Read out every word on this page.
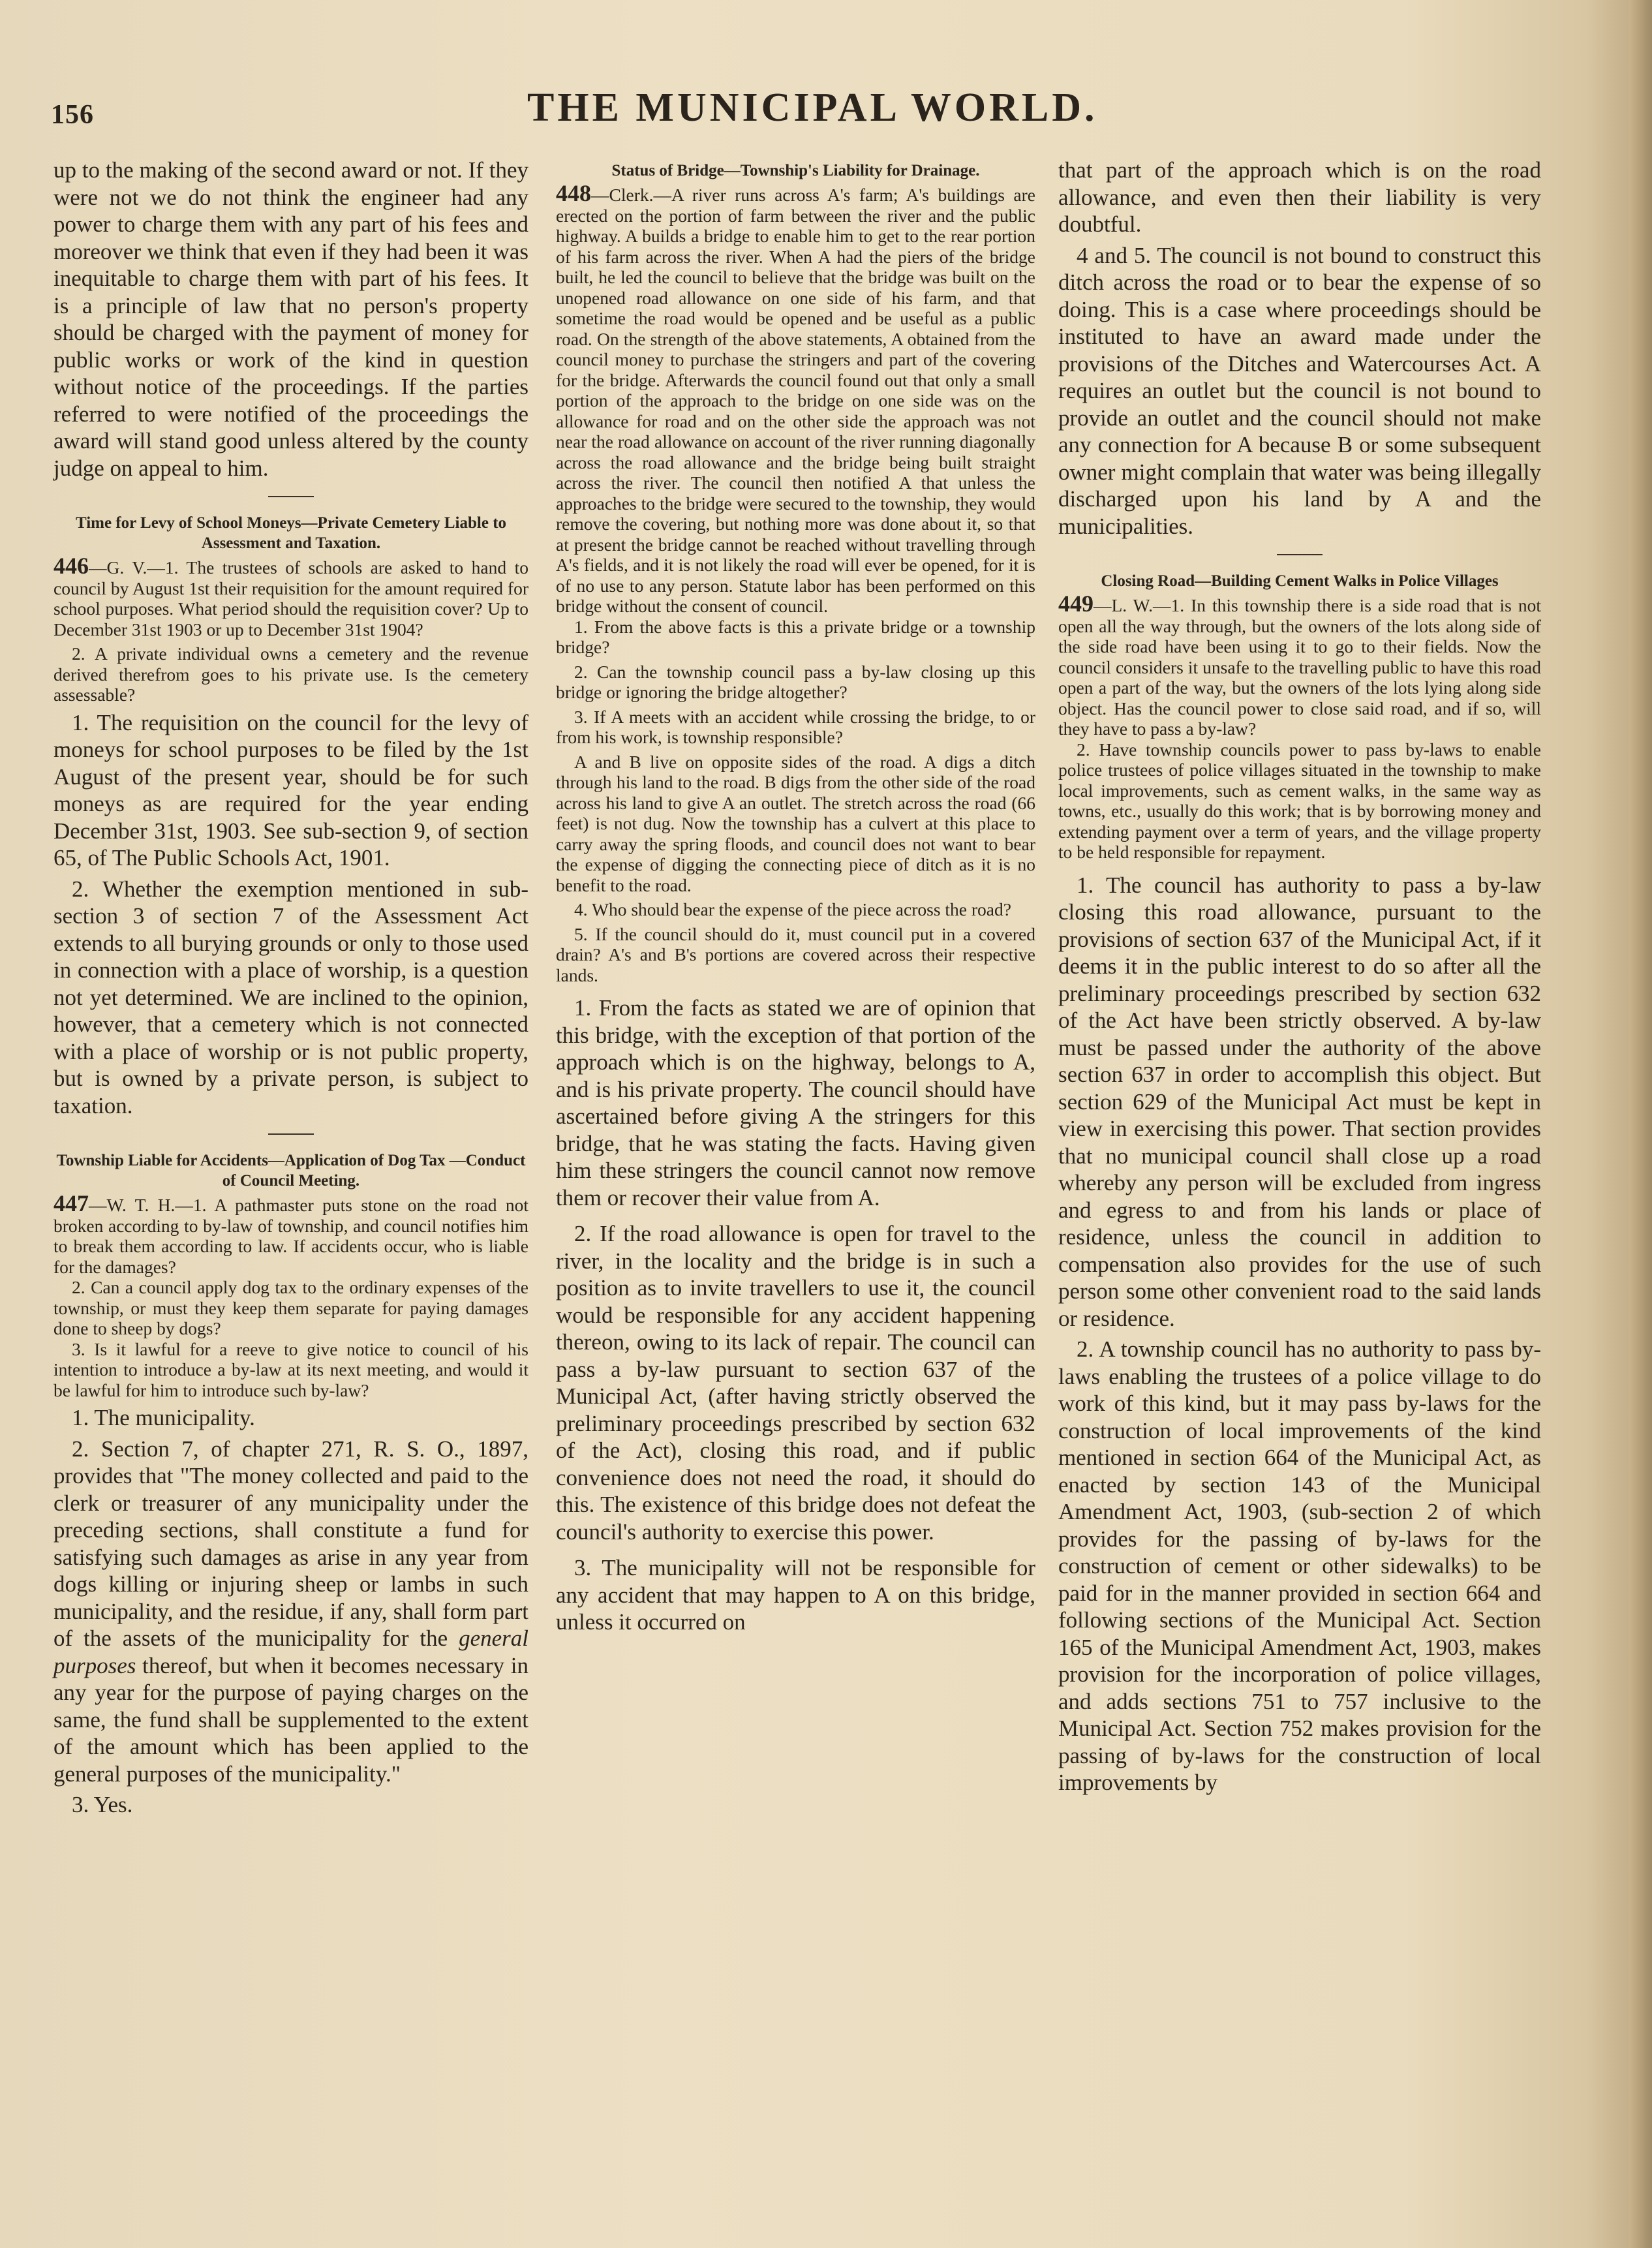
156	THE MUNICIPAL WORLD.

up to the making of the second award or not. If they were not we do not think the engineer had any power to charge them with any part of his fees and moreover we think that even if they had been it was inequitable to charge them with part of his fees. It is a principle of law that no person's property should be charged with the payment of money for public works or work of the kind in question without notice of the proceedings. If the parties referred to were notified of the proceedings the award will stand good unless altered by the county judge on appeal to him.

Time for Levy of School Moneys—Private Cemetery Liable to Assessment and Taxation.

446—G. V.—1. The trustees of schools are asked to hand to council by August 1st their requisition for the amount required for school purposes. What period should the requisition cover? Up to December 31st 1903 or up to December 31st 1904?

2. A private individual owns a cemetery and the revenue derived therefrom goes to his private use. Is the cemetery assessable?

1. The requisition on the council for the levy of moneys for school purposes to be filed by the 1st August of the present year, should be for such moneys as are required for the year ending December 31st, 1903. See sub-section 9, of section 65, of The Public Schools Act, 1901.

2. Whether the exemption mentioned in sub-section 3 of section 7 of the Assessment Act extends to all burying grounds or only to those used in connection with a place of worship, is a question not yet determined. We are inclined to the opinion, however, that a cemetery which is not connected with a place of worship or is not public property, but is owned by a private person, is subject to taxation.

Township Liable for Accidents—Application of Dog Tax —Conduct of Council Meeting.

447—W. T. H.—1. A pathmaster puts stone on the road not broken according to by-law of township, and council notifies him to break them according to law. If accidents occur, who is liable for the damages?

2. Can a council apply dog tax to the ordinary expenses of the township, or must they keep them separate for paying damages done to sheep by dogs?

3. Is it lawful for a reeve to give notice to council of his intention to introduce a by-law at its next meeting, and would it be lawful for him to introduce such by-law?

1. The municipality.

2. Section 7, of chapter 271, R. S. O., 1897, provides that "The money collected and paid to the clerk or treasurer of any municipality under the preceding sections, shall constitute a fund for satisfying such damages as arise in any year from dogs killing or injuring sheep or lambs in such municipality, and the residue, if any, shall form part of the assets of the municipality for the general purposes thereof, but when it becomes necessary in any year for the purpose of paying charges on the same, the fund shall be supplemented to the extent of the amount which has been applied to the general purposes of the municipality."

3. Yes.

Status of Bridge—Township's Liability for Drainage.

448—Clerk.—A river runs across A's farm; A's buildings are erected on the portion of farm between the river and the public highway. A builds a bridge to enable him to get to the rear portion of his farm across the river. When A had the piers of the bridge built, he led the council to believe that the bridge was built on the unopened road allowance on one side of his farm, and that sometime the road would be opened and be useful as a public road. On the strength of the above statements, A obtained from the council money to purchase the stringers and part of the covering for the bridge. Afterwards the council found out that only a small portion of the approach to the bridge on one side was on the allowance for road and on the other side the approach was not near the road allowance on account of the river running diagonally across the road allowance and the bridge being built straight across the river. The council then notified A that unless the approaches to the bridge were secured to the township, they would remove the covering, but nothing more was done about it, so that at present the bridge cannot be reached without travelling through A's fields, and it is not likely the road will ever be opened, for it is of no use to any person. Statute labor has been performed on this bridge without the consent of council.

1. From the above facts is this a private bridge or a township bridge?

2. Can the township council pass a by-law closing up this bridge or ignoring the bridge altogether?

3. If A meets with an accident while crossing the bridge, to or from his work, is township responsible?

A and B live on opposite sides of the road. A digs a ditch through his land to the road. B digs from the other side of the road across his land to give A an outlet. The stretch across the road (66 feet) is not dug. Now the township has a culvert at this place to carry away the spring floods, and council does not want to bear the expense of digging the connecting piece of ditch as it is no benefit to the road.

4. Who should bear the expense of the piece across the road?

5. If the council should do it, must council put in a covered drain? A's and B's portions are covered across their respective lands.

1. From the facts as stated we are of opinion that this bridge, with the exception of that portion of the approach which is on the highway, belongs to A, and is his private property. The council should have ascertained before giving A the stringers for this bridge, that he was stating the facts. Having given him these stringers the council cannot now remove them or recover their value from A.

2. If the road allowance is open for travel to the river, in the locality and the bridge is in such a position as to invite travellers to use it, the council would be responsible for any accident happening thereon, owing to its lack of repair. The council can pass a by-law pursuant to section 637 of the Municipal Act, (after having strictly observed the preliminary proceedings prescribed by section 632 of the Act), closing this road, and if public convenience does not need the road, it should do this. The existence of this bridge does not defeat the council's authority to exercise this power.

3. The municipality will not be responsible for any accident that may happen to A on this bridge, unless it occurred on

that part of the approach which is on the road allowance, and even then their liability is very doubtful.

4 and 5. The council is not bound to construct this ditch across the road or to bear the expense of so doing. This is a case where proceedings should be instituted to have an award made under the provisions of the Ditches and Watercourses Act. A requires an outlet but the council is not bound to provide an outlet and the council should not make any connection for A because B or some subsequent owner might complain that water was being illegally discharged upon his land by A and the municipalities.

Closing Road—Building Cement Walks in Police Villages

449—L. W.—1. In this township there is a side road that is not open all the way through, but the owners of the lots along side of the side road have been using it to go to their fields. Now the council considers it unsafe to the travelling public to have this road open a part of the way, but the owners of the lots lying along side object. Has the council power to close said road, and if so, will they have to pass a by-law?

2. Have township councils power to pass by-laws to enable police trustees of police villages situated in the township to make local improvements, such as cement walks, in the same way as towns, etc., usually do this work; that is by borrowing money and extending payment over a term of years, and the village property to be held responsible for repayment.

1. The council has authority to pass a by-law closing this road allowance, pursuant to the provisions of section 637 of the Municipal Act, if it deems it in the public interest to do so after all the preliminary proceedings prescribed by section 632 of the Act have been strictly observed. A by-law must be passed under the authority of the above section 637 in order to accomplish this object. But section 629 of the Municipal Act must be kept in view in exercising this power. That section provides that no municipal council shall close up a road whereby any person will be excluded from ingress and egress to and from his lands or place of residence, unless the council in addition to compensation also provides for the use of such person some other convenient road to the said lands or residence.

2. A township council has no authority to pass by-laws enabling the trustees of a police village to do work of this kind, but it may pass by-laws for the construction of local improvements of the kind mentioned in section 664 of the Municipal Act, as enacted by section 143 of the Municipal Amendment Act, 1903, (sub-section 2 of which provides for the passing of by-laws for the construction of cement or other sidewalks) to be paid for in the manner provided in section 664 and following sections of the Municipal Act. Section 165 of the Municipal Amendment Act, 1903, makes provision for the incorporation of police villages, and adds sections 751 to 757 inclusive to the Municipal Act. Section 752 makes provision for the passing of by-laws for the construction of local improvements by
